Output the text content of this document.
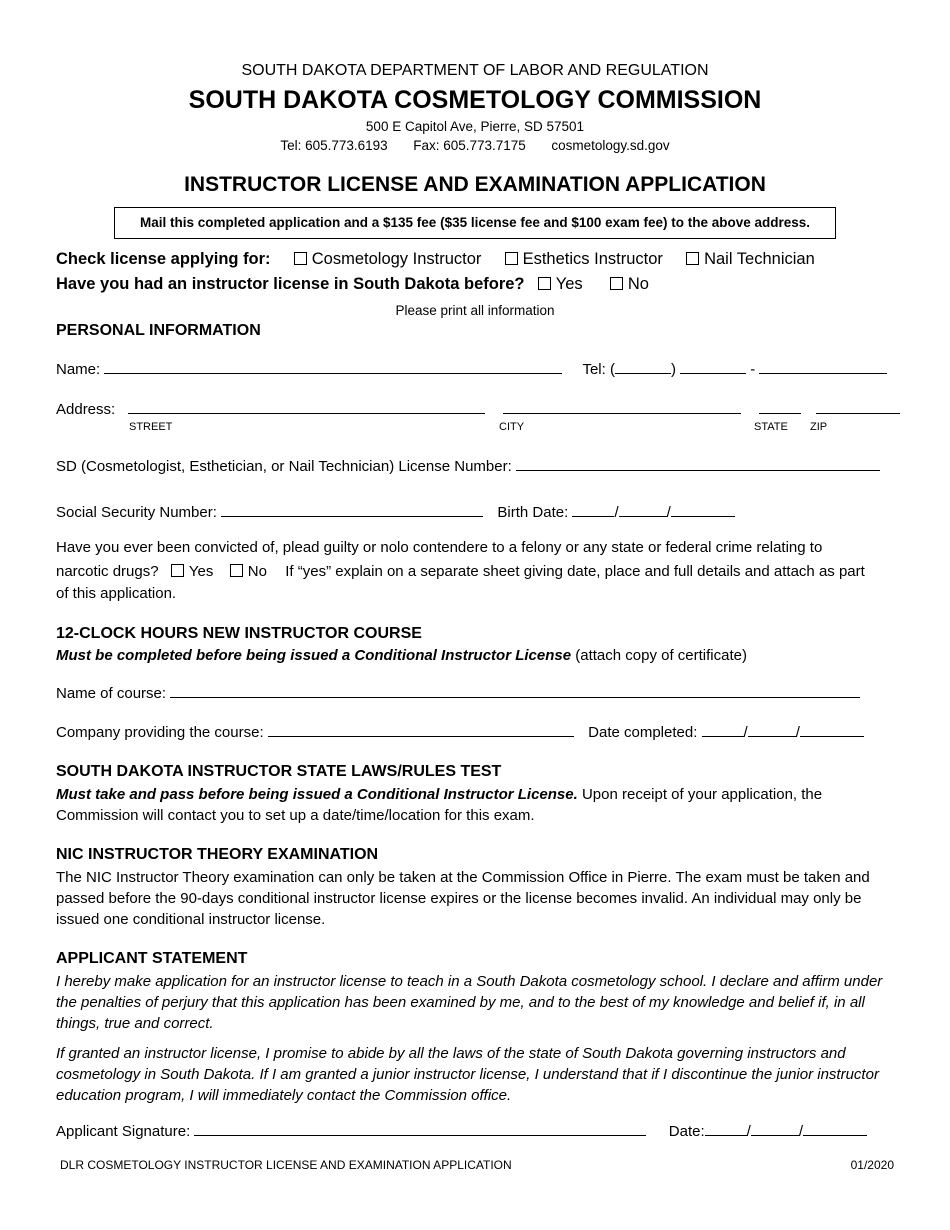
SOUTH DAKOTA DEPARTMENT OF LABOR AND REGULATION
SOUTH DAKOTA COSMETOLOGY COMMISSION
500 E Capitol Ave, Pierre, SD 57501
Tel: 605.773.6193 Fax: 605.773.7175 cosmetology.sd.gov
INSTRUCTOR LICENSE AND EXAMINATION APPLICATION
Mail this completed application and a $135 fee ($35 license fee and $100 exam fee) to the above address.
Check license applying for: Cosmetology Instructor Esthetics Instructor Nail Technician
Have you had an instructor license in South Dakota before? Yes	No
Please print all information
PERSONAL INFORMATION
Name:	Tel: (	)	-
Address:
STREET	CITY	STATE ZIP
SD (Cosmetologist, Esthetician, or Nail Technician) License Number:
Social Security Number:	Birth Date:	/	/
Have you ever been convicted of, plead guilty or nolo contendere to a felony or any state or federal crime relating to
narcotic drugs? Yes No If “yes” explain on a separate sheet giving date, place and full details and attach as part
of this application.
12-CLOCK HOURS NEW INSTRUCTOR COURSE
Must be completed before being issued a Conditional Instructor License (attach copy of certificate)
Name of course:
Company providing the course:	Date completed:	/	/
SOUTH DAKOTA INSTRUCTOR STATE LAWS/RULES TEST
Must take and pass before being issued a Conditional Instructor License. Upon receipt of your application, the Commission will contact you to set up a date/time/location for this exam.
NIC INSTRUCTOR THEORY EXAMINATION
The NIC Instructor Theory examination can only be taken at the Commission Office in Pierre. The exam must be taken and passed before the 90-days conditional instructor license expires or the license becomes invalid. An individual may only be issued one conditional instructor license.
APPLICANT STATEMENT
I hereby make application for an instructor license to teach in a South Dakota cosmetology school. I declare and affirm under the penalties of perjury that this application has been examined by me, and to the best of my knowledge and belief if, in all things, true and correct.
If granted an instructor license, I promise to abide by all the laws of the state of South Dakota governing instructors and cosmetology in South Dakota. If I am granted a junior instructor license, I understand that if I discontinue the junior instructor education program, I will immediately contact the Commission office.
Applicant Signature:	Date:	/	/
DLR COSMETOLOGY INSTRUCTOR LICENSE AND EXAMINATION APPLICATION	01/2020
